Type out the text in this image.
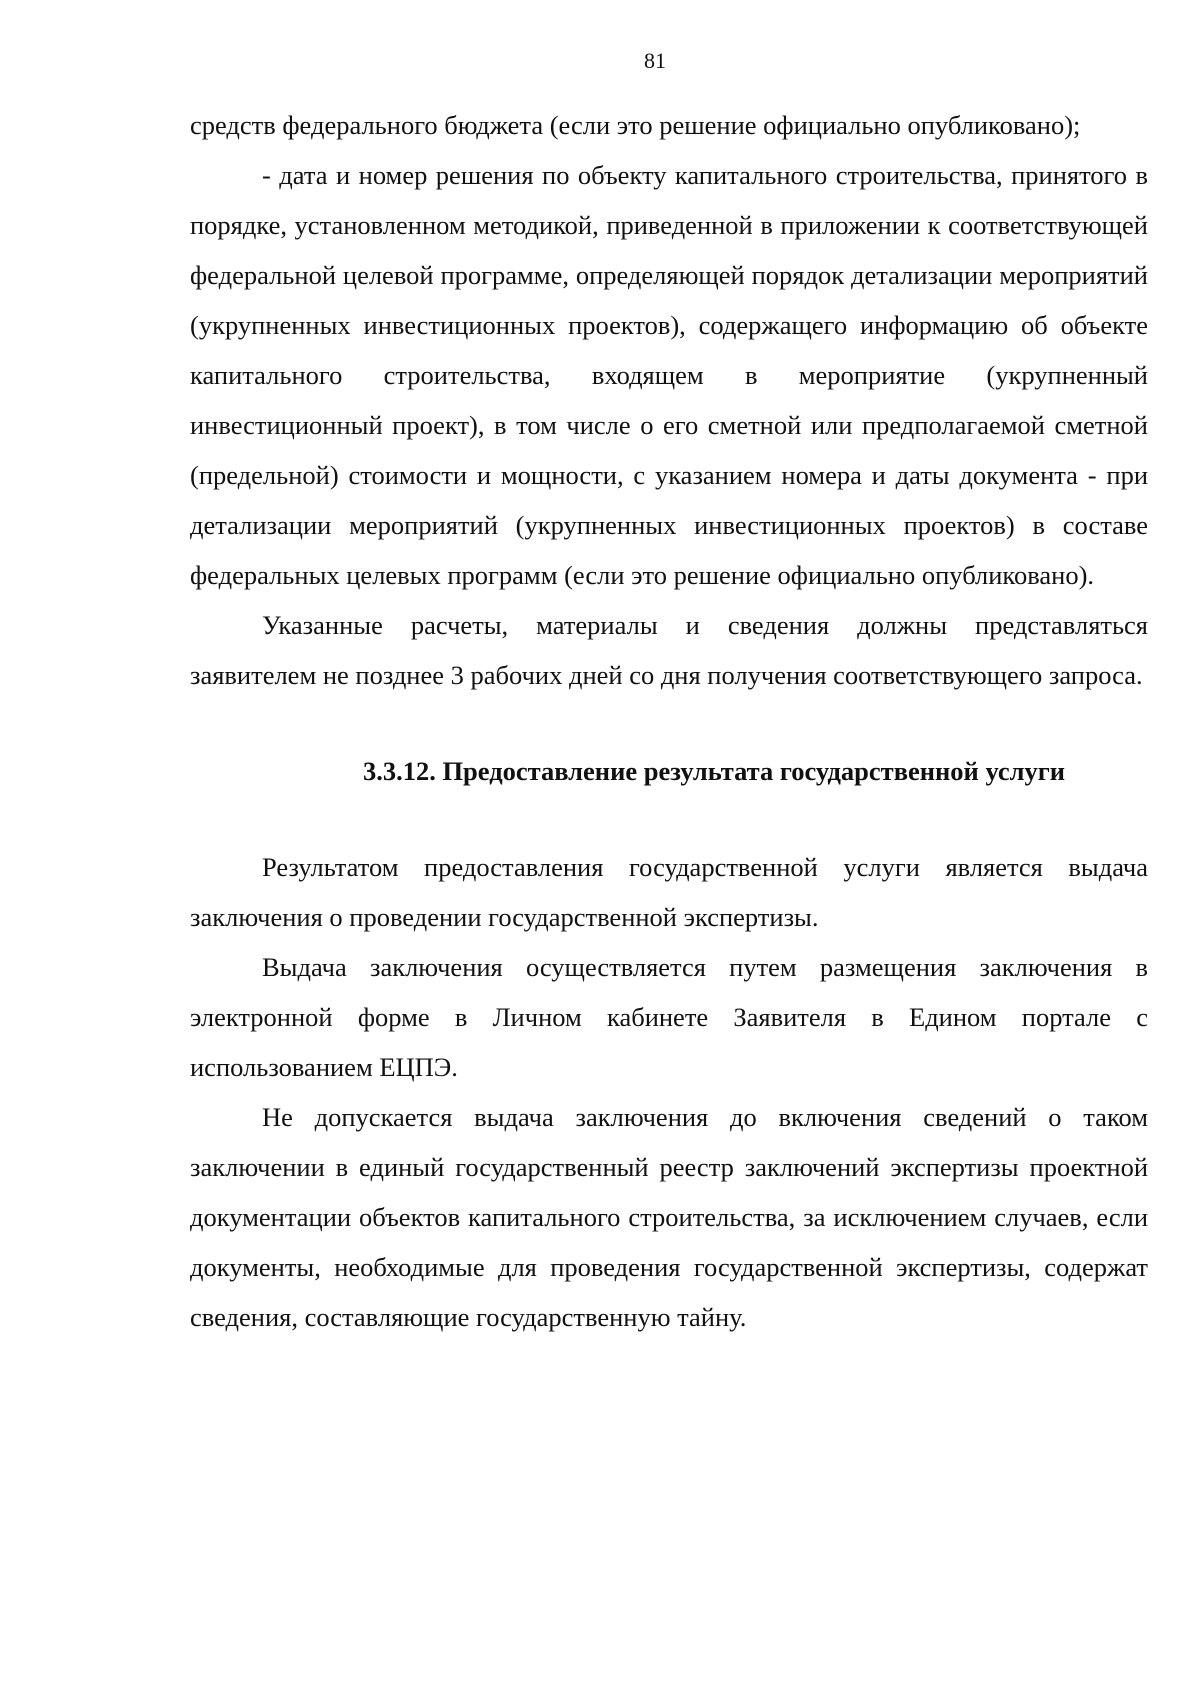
81

средств федерального бюджета (если это решение официально опубликовано);

- дата и номер решения по объекту капитального строительства, принятого в порядке, установленном методикой, приведенной в приложении к соответствующей федеральной целевой программе, определяющей порядок детализации мероприятий (укрупненных инвестиционных проектов), содержащего информацию об объекте капитального строительства, входящем в мероприятие (укрупненный инвестиционный проект), в том числе о его сметной или предполагаемой сметной (предельной) стоимости и мощности, с указанием номера и даты документа - при детализации мероприятий (укрупненных инвестиционных проектов) в составе федеральных целевых программ (если это решение официально опубликовано).

Указанные расчеты, материалы и сведения должны представляться заявителем не позднее 3 рабочих дней со дня получения соответствующего запроса.

3.3.12. Предоставление результата государственной услуги

Результатом предоставления государственной услуги является выдача заключения о проведении государственной экспертизы.

Выдача заключения осуществляется путем размещения заключения в электронной форме в Личном кабинете Заявителя в Едином портале с использованием ЕЦПЭ.

Не допускается выдача заключения до включения сведений о таком заключении в единый государственный реестр заключений экспертизы проектной документации объектов капитального строительства, за исключением случаев, если документы, необходимые для проведения государственной экспертизы, содержат сведения, составляющие государственную тайну.
